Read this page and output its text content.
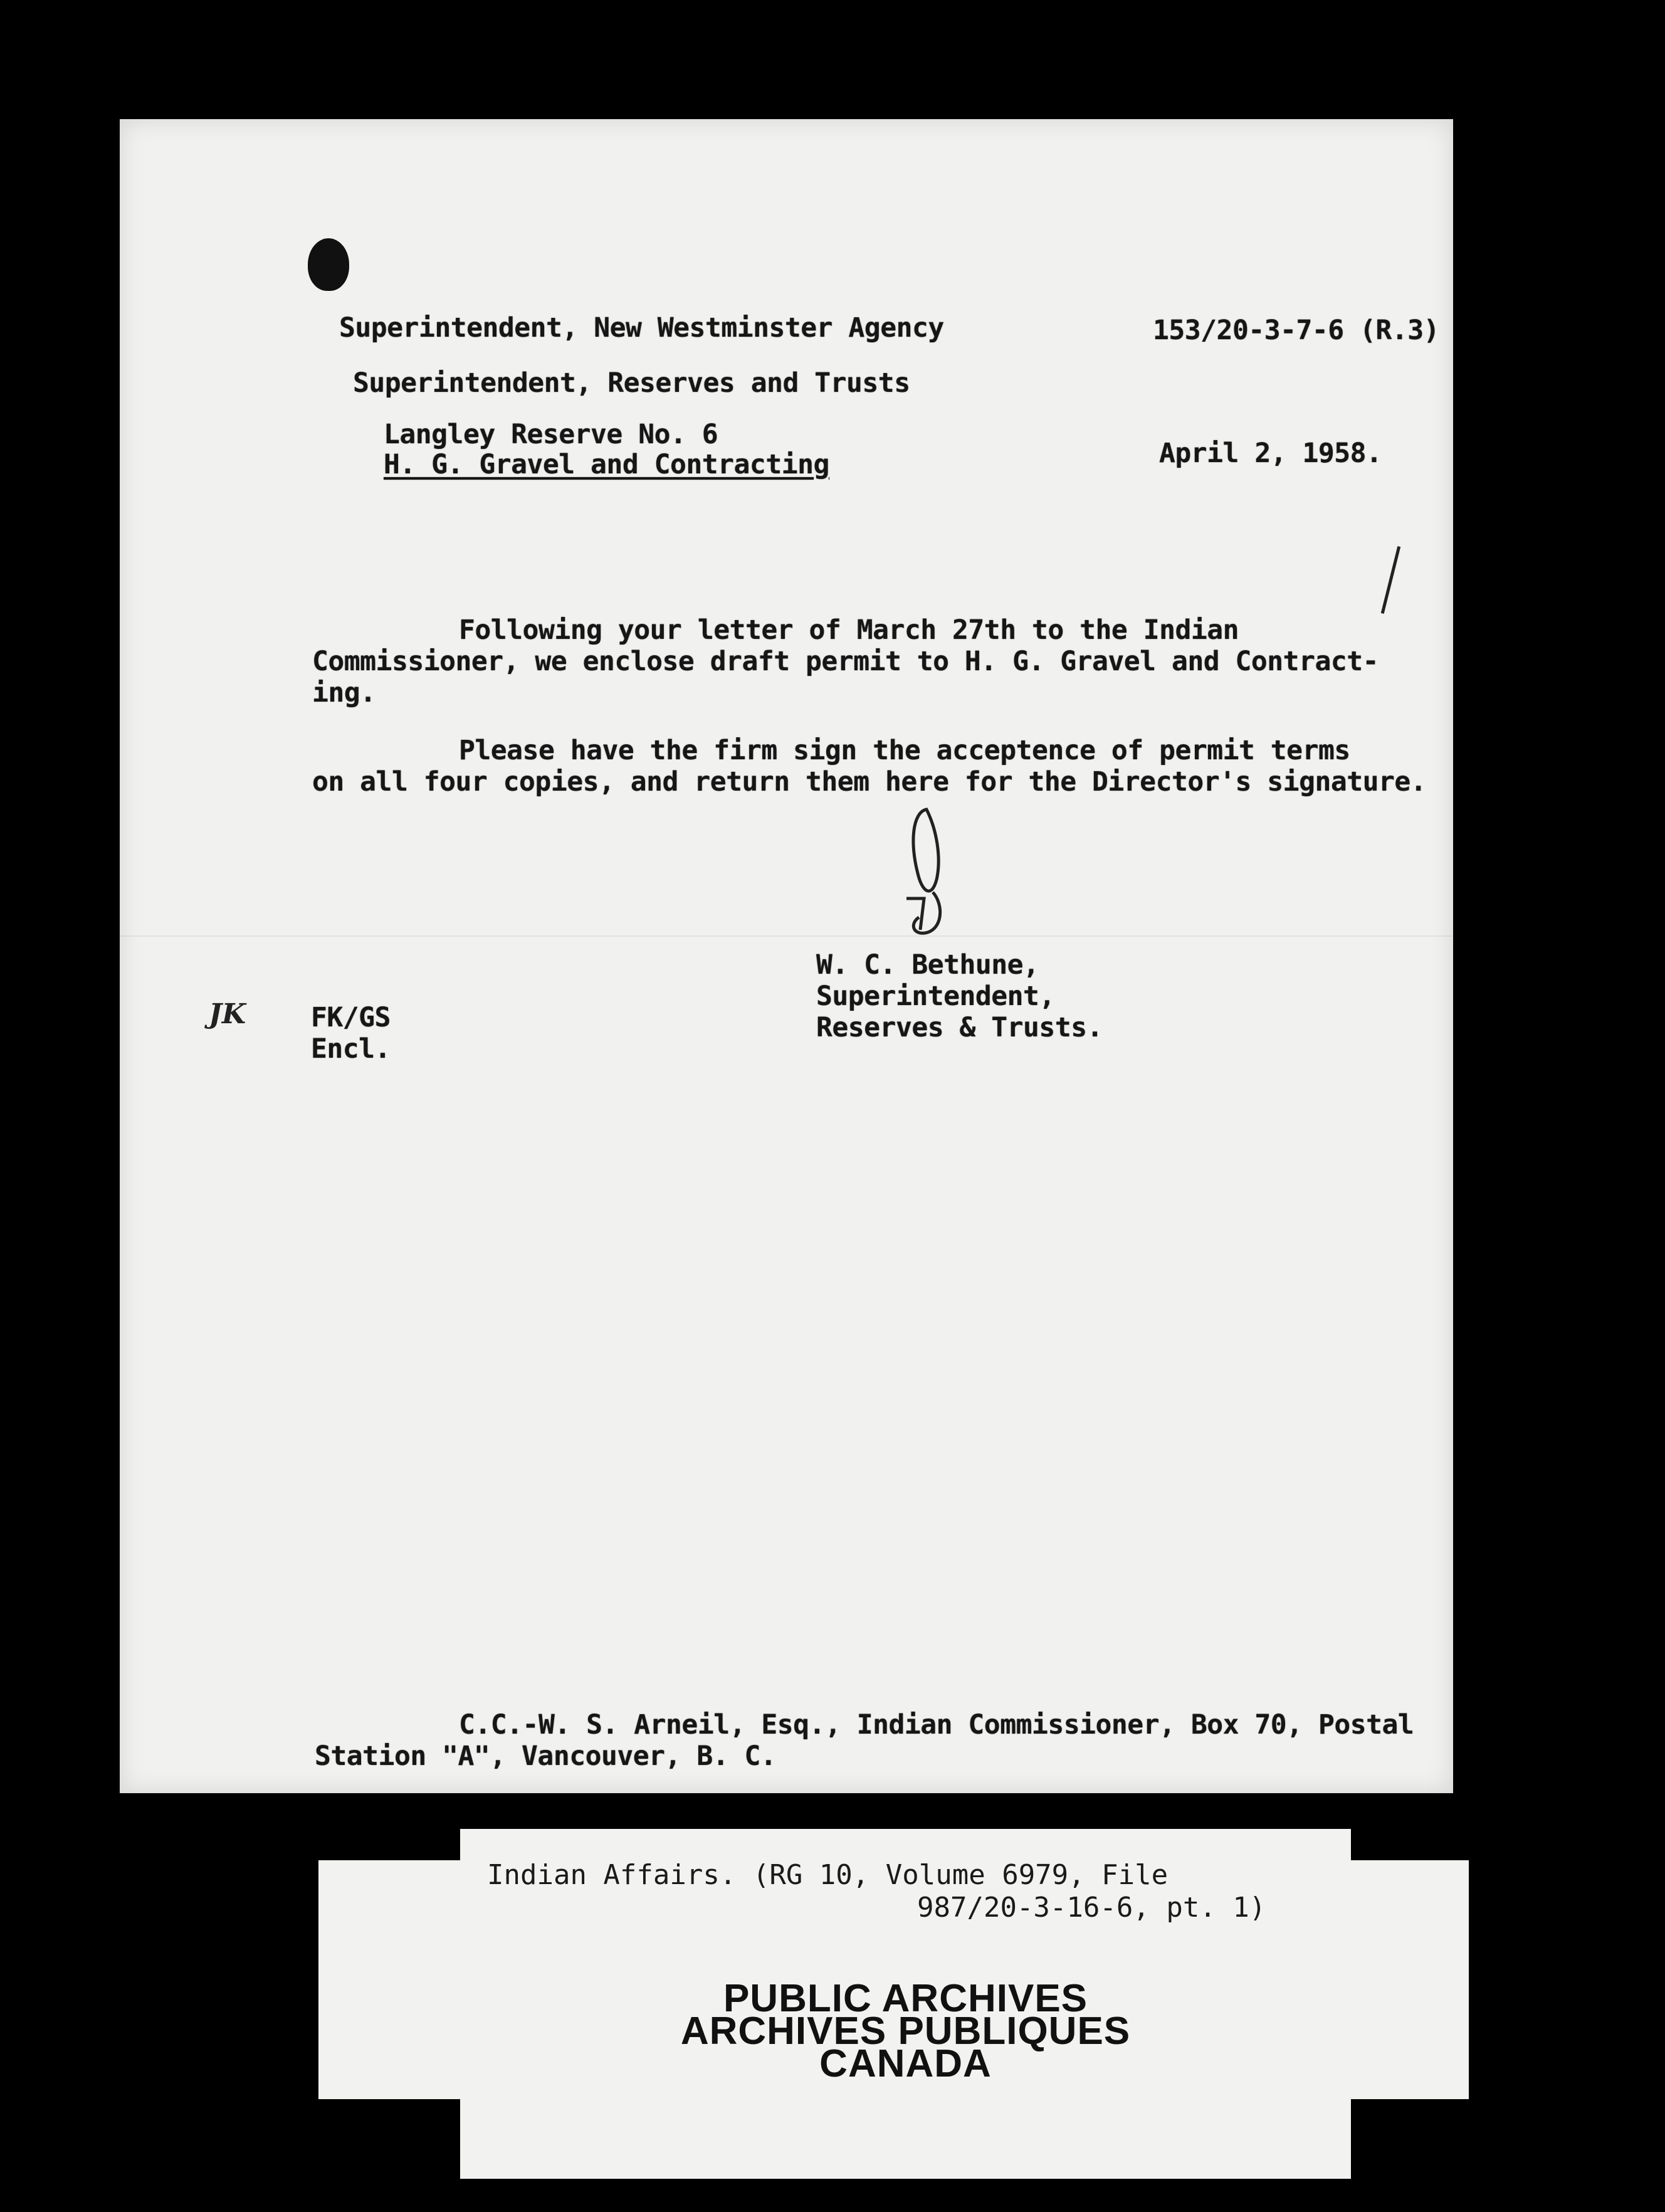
Superintendent, New Westminster Agency	153/20-3-7-6 (R.3)
Superintendent, Reserves and Trusts
Langley Reserve No. 6
H. G. Gravel and Contracting	April 2, 1958.
Following your letter of March 27th to the Indian
Commissioner, we enclose draft permit to H. G. Gravel and Contract-
ing.
Please have the firm sign the acceptence of permit terms
on all four copies, and return them here for the Director's signature.
W. C. Bethune,
Superintendent,
Reserves & Trusts.
JK FK/GS
Encl.
C.C.-W. S. Arneil, Esq., Indian Commissioner, Box 70, Postal
Station "A", Vancouver, B. C.
Indian Affairs. (RG 10, Volume 6979, File
987/20-3-16-6, pt. 1)
PUBLIC ARCHIVES
ARCHIVES PUBLIQUES
CANADA
